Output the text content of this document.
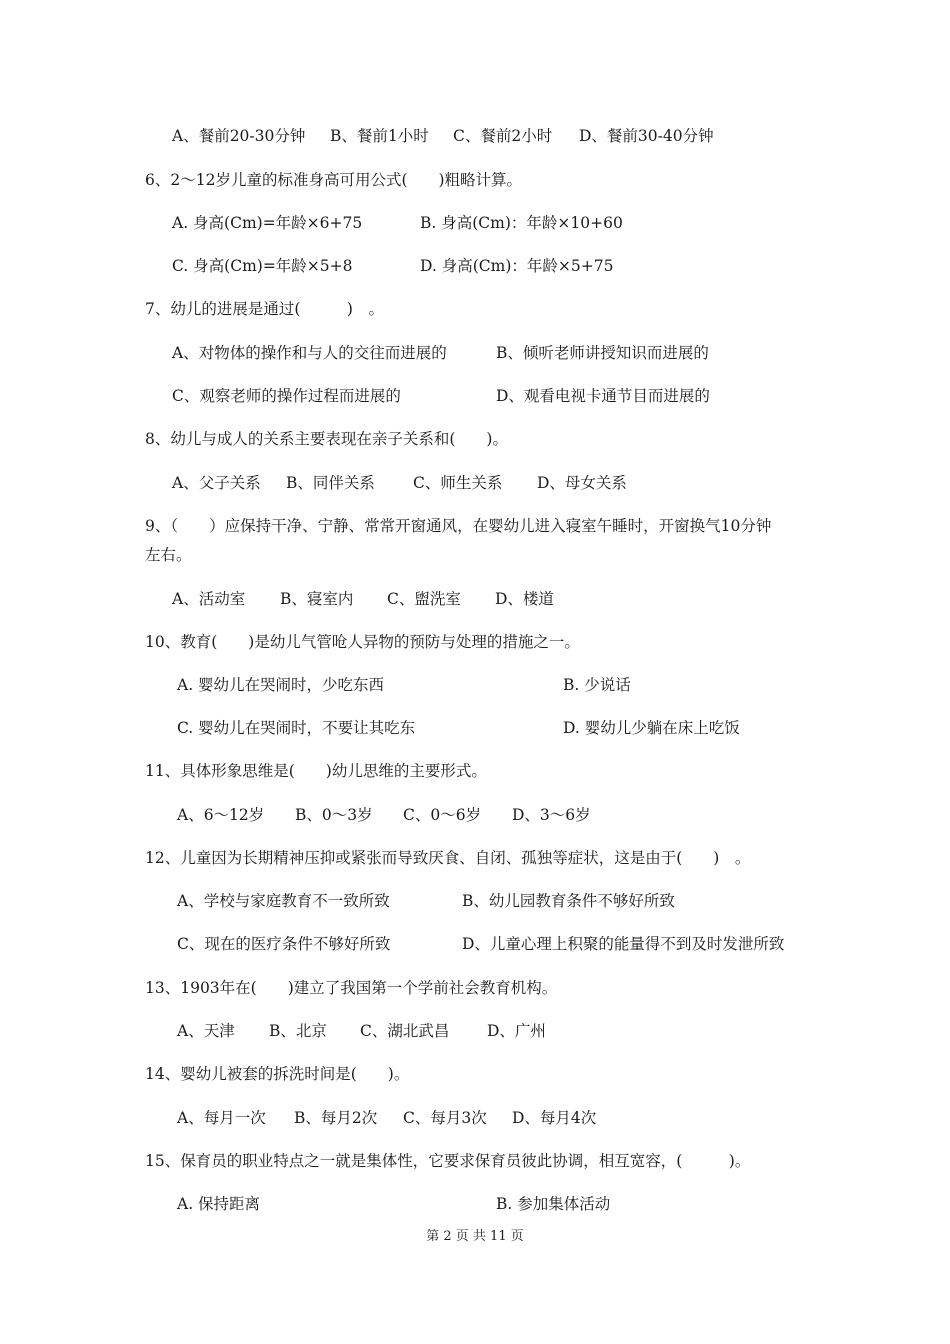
A、餐前20-30分钟 B、餐前1小时 C、餐前2小时 D、餐前30-40分钟
6、2～12岁儿童的标准身高可用公式(　　)粗略计算。
A. 身高(Cm)=年龄×6+75	B. 身高(Cm)：年龄×10+60
C. 身高(Cm)=年龄×5+8	D. 身高(Cm)：年龄×5+75
7、幼儿的进展是通过(　　　)　。
A、对物体的操作和与人的交往而进展的	B、倾听老师讲授知识而进展的
C、观察老师的操作过程而进展的	D、观看电视卡通节目而进展的
8、幼儿与成人的关系主要表现在亲子关系和(　　)。
A、父子关系 B、同伴关系 C、师生关系 D、母女关系
9、（　　）应保持干净、宁静、常常开窗通风，在婴幼儿进入寝室午睡时，开窗换气10分钟
左右。
A、活动室 B、寝室内 C、盥洗室 D、楼道
10、教育(　　)是幼儿气管呛人异物的预防与处理的措施之一。
A. 婴幼儿在哭闹时，少吃东西	B. 少说话
C. 婴幼儿在哭闹时，不要让其吃东	D. 婴幼儿少躺在床上吃饭
11、具体形象思维是(　　)幼儿思维的主要形式。
A、6～12岁 B、0～3岁 C、0～6岁 D、3～6岁
12、儿童因为长期精神压抑或紧张而导致厌食、自闭、孤独等症状，这是由于(　　)　。
A、学校与家庭教育不一致所致	B、幼儿园教育条件不够好所致
C、现在的医疗条件不够好所致	D、儿童心理上积聚的能量得不到及时发泄所致
13、1903年在(　　)建立了我国第一个学前社会教育机构。
A、天津 B、北京 C、湖北武昌 D、广州
14、婴幼儿被套的拆洗时间是(　　)。
A、每月一次 B、每月2次 C、每月3次 D、每月4次
15、保育员的职业特点之一就是集体性，它要求保育员彼此协调，相互宽容，(　　　)。
A. 保持距离	B. 参加集体活动
第 2 页 共 11 页
